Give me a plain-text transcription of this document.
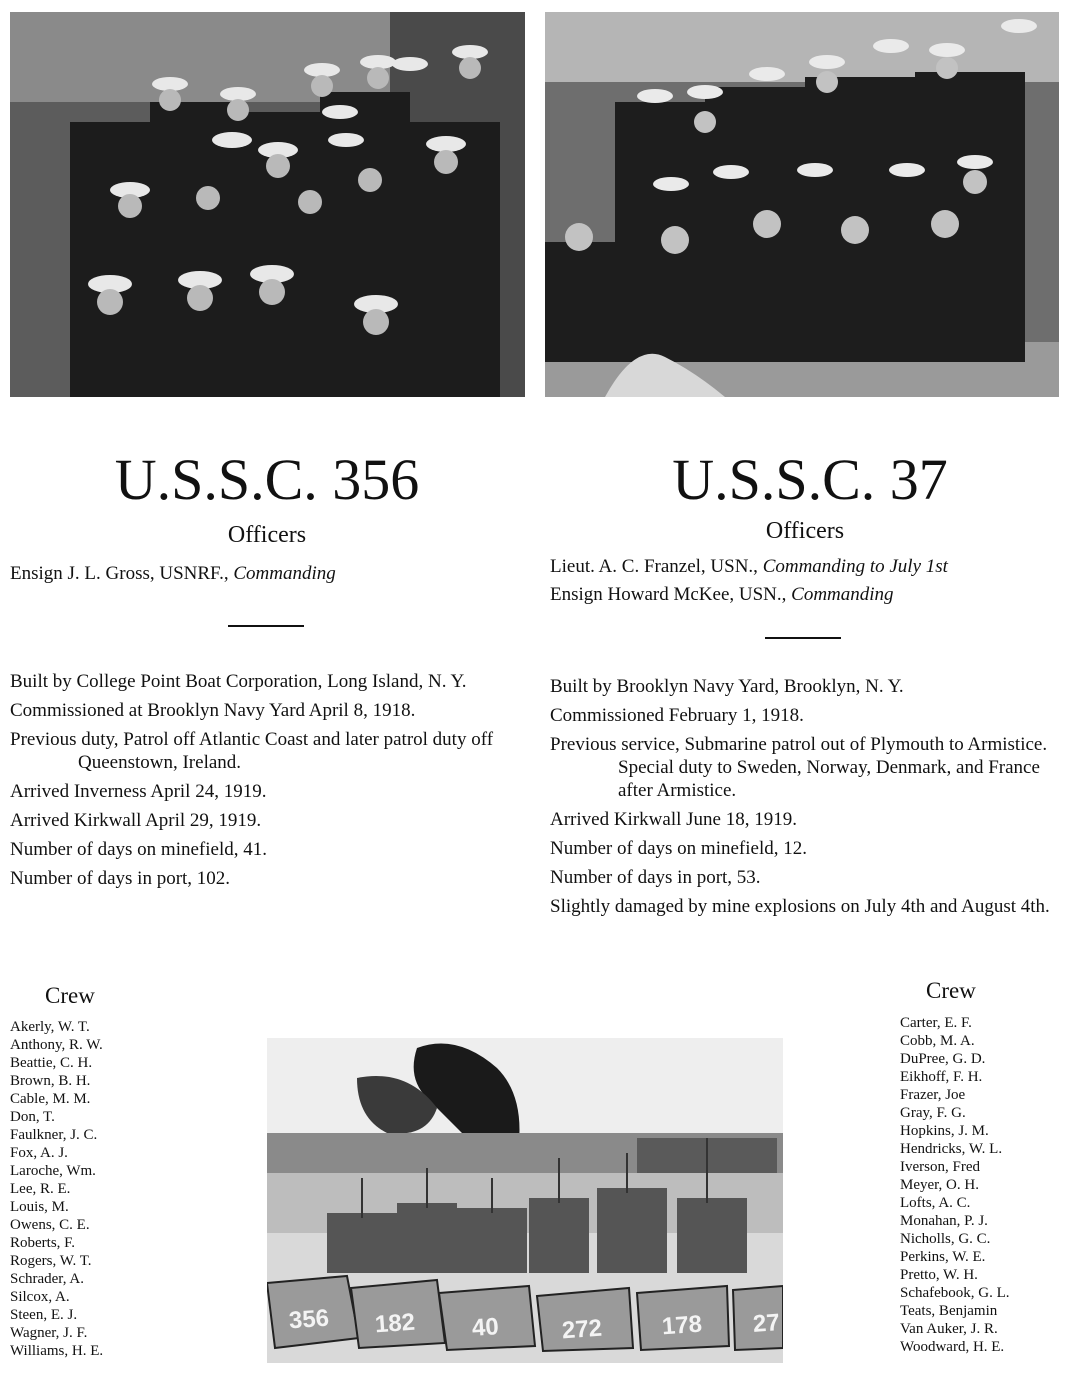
U.S.S.C. 356
Officers
Ensign J. L. Gross, USNRF., Commanding
Built by College Point Boat Corporation, Long Island, N. Y.
Commissioned at Brooklyn Navy Yard April 8, 1918.
Previous duty, Patrol off Atlantic Coast and later patrol duty off Queenstown, Ireland.
Arrived Inverness April 24, 1919.
Arrived Kirkwall April 29, 1919.
Number of days on minefield, 41.
Number of days in port, 102.
U.S.S.C. 37
Officers
Lieut. A. C. Franzel, USN., Commanding to July 1st
Ensign Howard McKee, USN., Commanding
Built by Brooklyn Navy Yard, Brooklyn, N. Y.
Commissioned February 1, 1918.
Previous service, Submarine patrol out of Plymouth to Armistice. Special duty to Sweden, Norway, Denmark, and France after Armistice.
Arrived Kirkwall June 18, 1919.
Number of days on minefield, 12.
Number of days in port, 53.
Slightly damaged by mine explosions on July 4th and August 4th.
Crew
Akerly, W. T.
Anthony, R. W.
Beattie, C. H.
Brown, B. H.
Cable, M. M.
Don, T.
Faulkner, J. C.
Fox, A. J.
Laroche, Wm.
Lee, R. E.
Louis, M.
Owens, C. E.
Roberts, F.
Rogers, W. T.
Schrader, A.
Silcox, A.
Steen, E. J.
Wagner, J. F.
Williams, H. E.
356 182 40	272 178 27
Crew
Carter, E. F.
Cobb, M. A.
DuPree, G. D.
Eikhoff, F. H.
Frazer, Joe
Gray, F. G.
Hopkins, J. M.
Hendricks, W. L.
Iverson, Fred
Meyer, O. H.
Lofts, A. C.
Monahan, P. J.
Nicholls, G. C.
Perkins, W. E.
Pretto, W. H.
Schafebook, G. L.
Teats, Benjamin
Van Auker, J. R.
Woodward, H. E.
